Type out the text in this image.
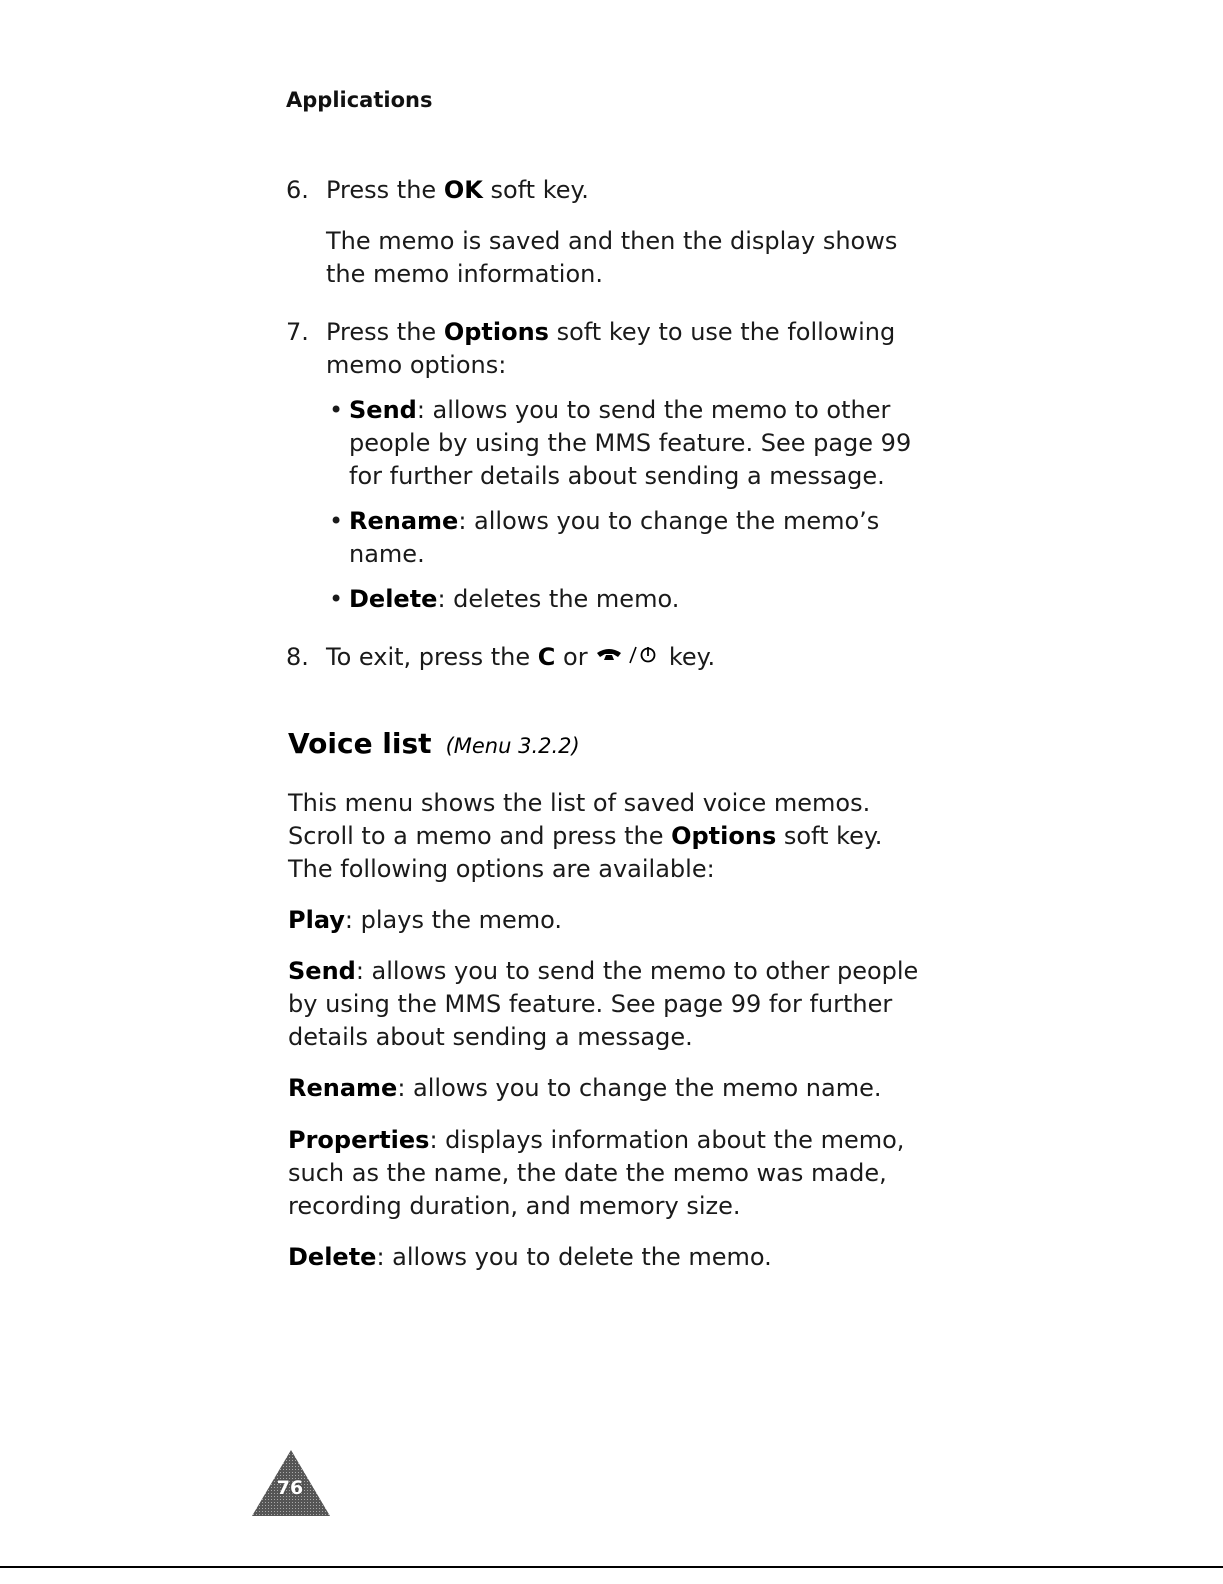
Applications
6. Press the OK soft key.

The memo is saved and then the display shows

the memo information.

7. Press the Options soft key to use the following

memo options:

• Send: allows you to send the memo to other

people by using the MMS feature. See page 99

for further details about sending a message.

• Rename: allows you to change the memo’s

name.

• Delete: deletes the memo.

8. To exit, press the C or	key.

Voice list (Menu 3.2.2)

This menu shows the list of saved voice memos.

Scroll to a memo and press the Options soft key.

The following options are available:

Play: plays the memo.

Send: allows you to send the memo to other people

by using the MMS feature. See page 99 for further

details about sending a message.

Rename: allows you to change the memo name.

Properties: displays information about the memo,

such as the name, the date the memo was made,

recording duration, and memory size.

Delete: allows you to delete the memo.

76
